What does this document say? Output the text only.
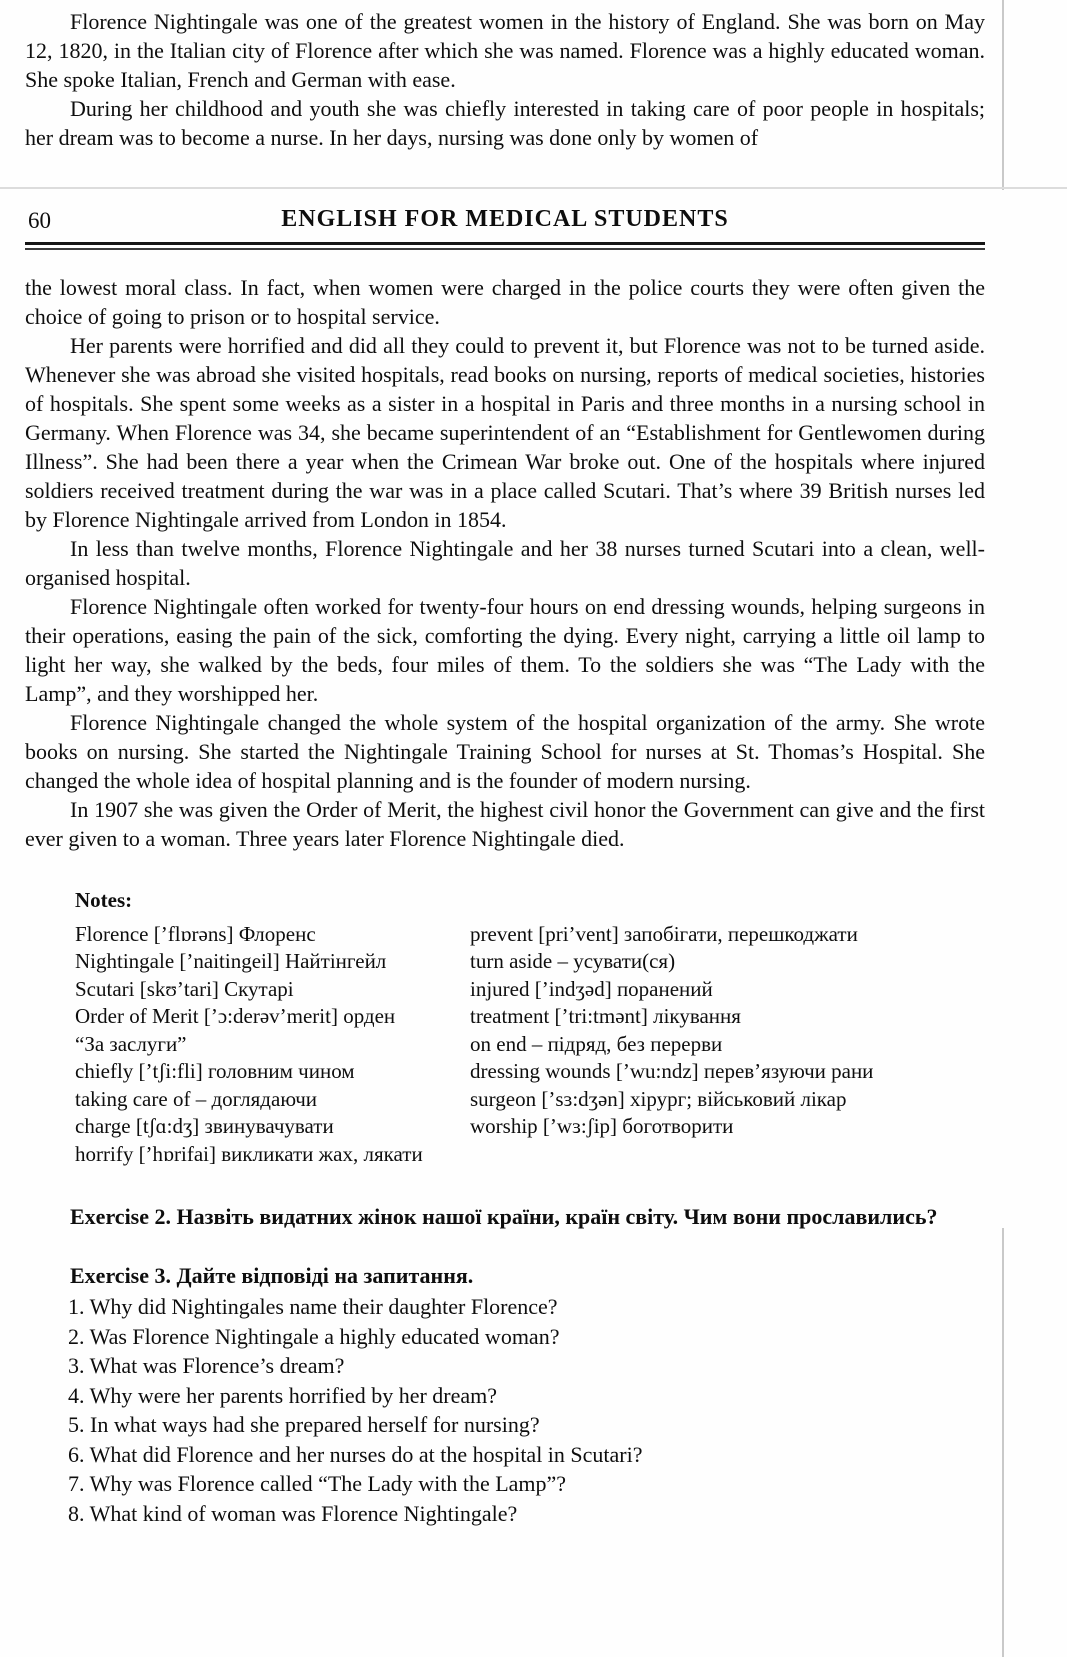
Florence Nightingale was one of the greatest women in the history of England. She was born on May 12, 1820, in the Italian city of Florence after which she was named. Florence was a highly educated woman. She spoke Italian, French and German with ease.

During her childhood and youth she was chiefly interested in taking care of poor people in hospitals; her dream was to become a nurse. In her days, nursing was done only by women of

60	ENGLISH FOR MEDICAL STUDENTS

the lowest moral class. In fact, when women were charged in the police courts they were often given the choice of going to prison or to hospital service.

Her parents were horrified and did all they could to prevent it, but Florence was not to be turned aside. Whenever she was abroad she visited hospitals, read books on nursing, reports of medical societies, histories of hospitals. She spent some weeks as a sister in a hospital in Paris and three months in a nursing school in Germany. When Florence was 34, she became superintendent of an “Establishment for Gentlewomen during Illness”. She had been there a year when the Crimean War broke out. One of the hospitals where injured soldiers received treatment during the war was in a place called Scutari. That’s where 39 British nurses led by Florence Nightingale arrived from London in 1854.

In less than twelve months, Florence Nightingale and her 38 nurses turned Scutari into a clean, well-organised hospital.

Florence Nightingale often worked for twenty-four hours on end dressing wounds, helping surgeons in their operations, easing the pain of the sick, comforting the dying. Every night, carrying a little oil lamp to light her way, she walked by the beds, four miles of them. To the soldiers she was “The Lady with the Lamp”, and they worshipped her.

Florence Nightingale changed the whole system of the hospital organization of the army. She wrote books on nursing. She started the Nightingale Training School for nurses at St. Thomas’s Hospital. She changed the whole idea of hospital planning and is the founder of modern nursing.

In 1907 she was given the Order of Merit, the highest civil honor the Government can give and the first ever given to a woman. Three years later Florence Nightingale died.

Notes:
Florence [ʼflɒrəns] Флоренс
Nightingale [ʼnaitingeil] Найтінгейл
Scutari [skʊʼtari] Скутарі
Order of Merit [ʼɔ:derəvʼmerit] орден
“За заслуги”
chiefly [ʼtʃi:fli] головним чином
taking care of – доглядаючи
charge [tʃɑ:dʒ] звинувачувати
horrify [ʼhɒrifai] викликати жах, лякати
prevent [priʼvent] запобігати, перешкоджати
turn aside – усувати(ся)
injured [ʼindʒəd] поранений
treatment [ʼtri:tmənt] лікування
on end – підряд, без перерви
dressing wounds [ʼwu:ndz] перев’язуючи рани
surgeon [ʼsɜ:dʒən] хірург; військовий лікар
worship [ʼwɜ:ʃip] боготворити

Exercise 2. Назвіть видатних жінок нашої країни, країн світу. Чим вони прославились?

Exercise 3. Дайте відповіді на запитання.

1. Why did Nightingales name their daughter Florence?
2. Was Florence Nightingale a highly educated woman?
3. What was Florence’s dream?
4. Why were her parents horrified by her dream?
5. In what ways had she prepared herself for nursing?
6. What did Florence and her nurses do at the hospital in Scutari?
7. Why was Florence called “The Lady with the Lamp”?
8. What kind of woman was Florence Nightingale?
